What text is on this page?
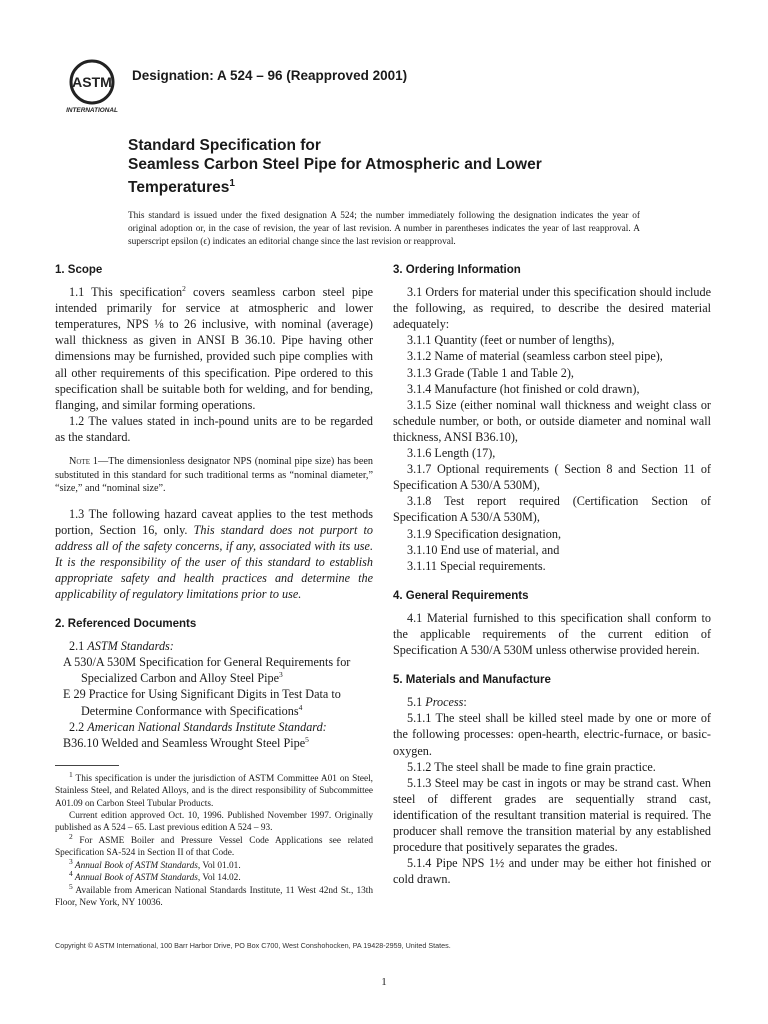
ASTM
INTERNATIONAL
Designation: A 524 – 96 (Reapproved 2001)
Standard Specification for
Seamless Carbon Steel Pipe for Atmospheric and Lower
Temperatures$^1$
This standard is issued under the fixed designation A 524; the number immediately following the designation indicates the year of original adoption or, in the case of revision, the year of last revision. A number in parentheses indicates the year of last reapproval. A superscript epsilon (ϵ) indicates an editorial change since the last revision or reapproval.
1. Scope

1.1 This specification$^2$ covers seamless carbon steel pipe intended primarily for service at atmospheric and lower temperatures, NPS ⅛ to 26 inclusive, with nominal (average) wall thickness as given in ANSI B 36.10. Pipe having other dimensions may be furnished, provided such pipe complies with all other requirements of this specification. Pipe ordered to this specification shall be suitable both for welding, and for bending, flanging, and similar forming operations.

1.2 The values stated in inch-pound units are to be regarded as the standard.

Note 1—The dimensionless designator NPS (nominal pipe size) has been substituted in this standard for such traditional terms as “nominal diameter,” “size,” and “nominal size”.

1.3 The following hazard caveat applies to the test methods portion, Section 16, only. This standard does not purport to address all of the safety concerns, if any, associated with its use. It is the responsibility of the user of this standard to establish appropriate safety and health practices and determine the applicability of regulatory limitations prior to use.

2. Referenced Documents

2.1 ASTM Standards:

A 530/A 530M Specification for General Requirements for Specialized Carbon and Alloy Steel Pipe$^3$

E 29 Practice for Using Significant Digits in Test Data to Determine Conformance with Specifications$^4$

2.2 American National Standards Institute Standard:

B36.10 Welded and Seamless Wrought Steel Pipe$^5$

$^1$ This specification is under the jurisdiction of ASTM Committee A01 on Steel, Stainless Steel, and Related Alloys, and is the direct responsibility of Subcommittee A01.09 on Carbon Steel Tubular Products.

Current edition approved Oct. 10, 1996. Published November 1997. Originally published as A 524 – 65. Last previous edition A 524 – 93.

$^2$ For ASME Boiler and Pressure Vessel Code Applications see related Specification SA-524 in Section II of that Code.

$^3$ Annual Book of ASTM Standards, Vol 01.01.

$^4$ Annual Book of ASTM Standards, Vol 14.02.

$^5$ Available from American National Standards Institute, 11 West 42nd St., 13th Floor, New York, NY 10036.

3. Ordering Information

3.1 Orders for material under this specification should include the following, as required, to describe the desired material adequately:

3.1.1 Quantity (feet or number of lengths),

3.1.2 Name of material (seamless carbon steel pipe),

3.1.3 Grade (Table 1 and Table 2),

3.1.4 Manufacture (hot finished or cold drawn),

3.1.5 Size (either nominal wall thickness and weight class or schedule number, or both, or outside diameter and nominal wall thickness, ANSI B36.10),

3.1.6 Length (17),

3.1.7 Optional requirements ( Section 8 and Section 11 of Specification A 530/A 530M),

3.1.8 Test report required (Certification Section of Specification A 530/A 530M),

3.1.9 Specification designation,

3.1.10 End use of material, and

3.1.11 Special requirements.

4. General Requirements

4.1 Material furnished to this specification shall conform to the applicable requirements of the current edition of Specification A 530/A 530M unless otherwise provided herein.

5. Materials and Manufacture

5.1 Process:

5.1.1 The steel shall be killed steel made by one or more of the following processes: open-hearth, electric-furnace, or basic-oxygen.

5.1.2 The steel shall be made to fine grain practice.

5.1.3 Steel may be cast in ingots or may be strand cast. When steel of different grades are sequentially strand cast, identification of the resultant transition material is required. The producer shall remove the transition material by any established procedure that positively separates the grades.

5.1.4 Pipe NPS 1½ and under may be either hot finished or cold drawn.

Copyright © ASTM International, 100 Barr Harbor Drive, PO Box C700, West Conshohocken, PA 19428-2959, United States.
1
